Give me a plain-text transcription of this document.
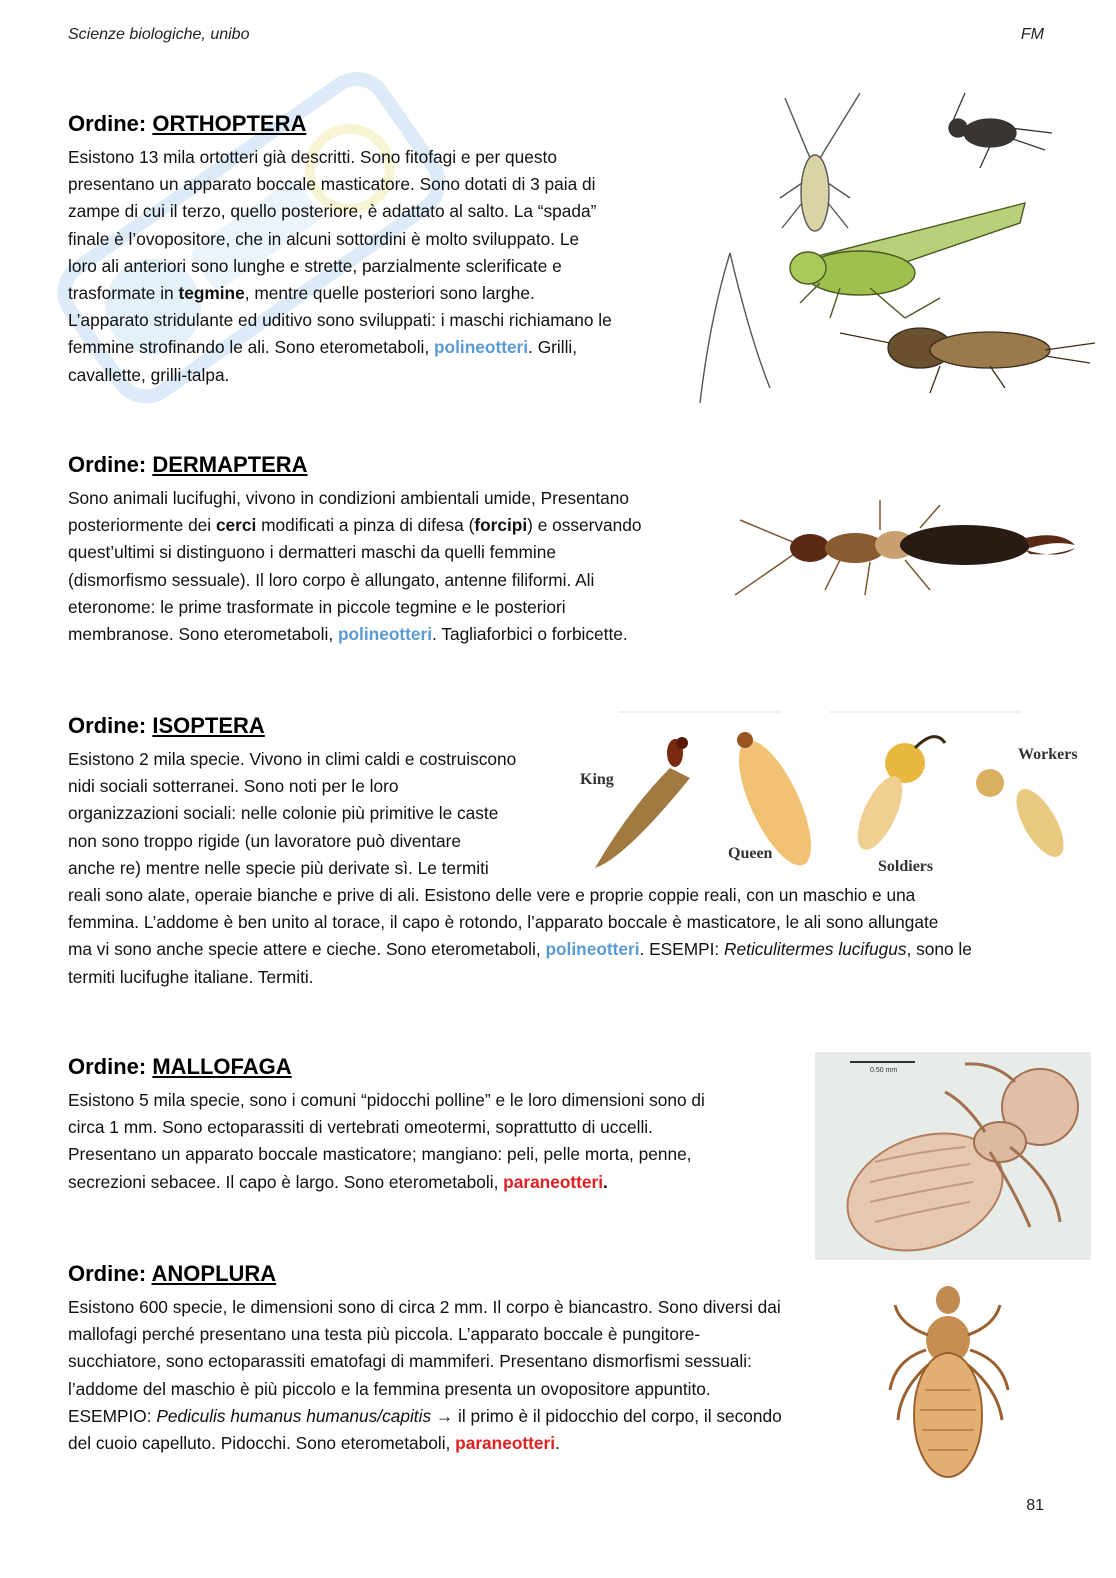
Scienze biologiche, unibo	FM
Ordine: ORTHOPTERA
Esistono 13 mila ortotteri già descritti. Sono fitofagi e per questo
presentano un apparato boccale masticatore. Sono dotati di 3 paia di
zampe di cui il terzo, quello posteriore, è adattato al salto. La “spada”
finale è l’ovopositore, che in alcuni sottordini è molto sviluppato. Le
loro ali anteriori sono lunghe e strette, parzialmente sclerificate e
trasformate in tegmine, mentre quelle posteriori sono larghe.
L’apparato stridulante ed uditivo sono sviluppati: i maschi richiamano le
femmine strofinando le ali. Sono eterometaboli, polineotteri. Grilli,
cavallette, grilli-talpa.
Ordine: DERMAPTERA
Sono animali lucifughi, vivono in condizioni ambientali umide, Presentano
posteriormente dei cerci modificati a pinza di difesa (forcipi) e osservando
quest’ultimi si distinguono i dermatteri maschi da quelli femmine
(dismorfismo sessuale). Il loro corpo è allungato, antenne filiformi. Ali
eteronome: le prime trasformate in piccole tegmine e le posteriori
membranose. Sono eterometaboli, polineotteri. Tagliaforbici o forbicette.
Ordine: ISOPTERA
Esistono 2 mila specie. Vivono in climi caldi e costruiscono
nidi sociali sotterranei. Sono noti per le loro
organizzazioni sociali: nelle colonie più primitive le caste
non sono troppo rigide (un lavoratore può diventare
anche re) mentre nelle specie più derivate sì. Le termiti
reali sono alate, operaie bianche e prive di ali. Esistono delle vere e proprie coppie reali, con un maschio e una
femmina. L’addome è ben unito al torace, il capo è rotondo, l’apparato boccale è masticatore, le ali sono allungate
ma vi sono anche specie attere e cieche. Sono eterometaboli, polineotteri. ESEMPI: Reticulitermes lucifugus, sono le
termiti lucifughe italiane. Termiti.
King
Queen
Soldiers
Workers
Ordine: MALLOFAGA
Esistono 5 mila specie, sono i comuni “pidocchi polline” e le loro dimensioni sono di
circa 1 mm. Sono ectoparassiti di vertebrati omeotermi, soprattutto di uccelli.
Presentano un apparato boccale masticatore; mangiano: peli, pelle morta, penne,
secrezioni sebacee. Il capo è largo. Sono eterometaboli, paraneotteri.
0.50 mm
Ordine: ANOPLURA
Esistono 600 specie, le dimensioni sono di circa 2 mm. Il corpo è biancastro. Sono diversi dai
mallofagi perché presentano una testa più piccola. L’apparato boccale è pungitore-
succhiatore, sono ectoparassiti ematofagi di mammiferi. Presentano dismorfismi sessuali:
l’addome del maschio è più piccolo e la femmina presenta un ovopositore appuntito.
ESEMPIO: Pediculis humanus humanus/capitis → il primo è il pidocchio del corpo, il secondo
del cuoio capelluto. Pidocchi. Sono eterometaboli, paraneotteri.
81
